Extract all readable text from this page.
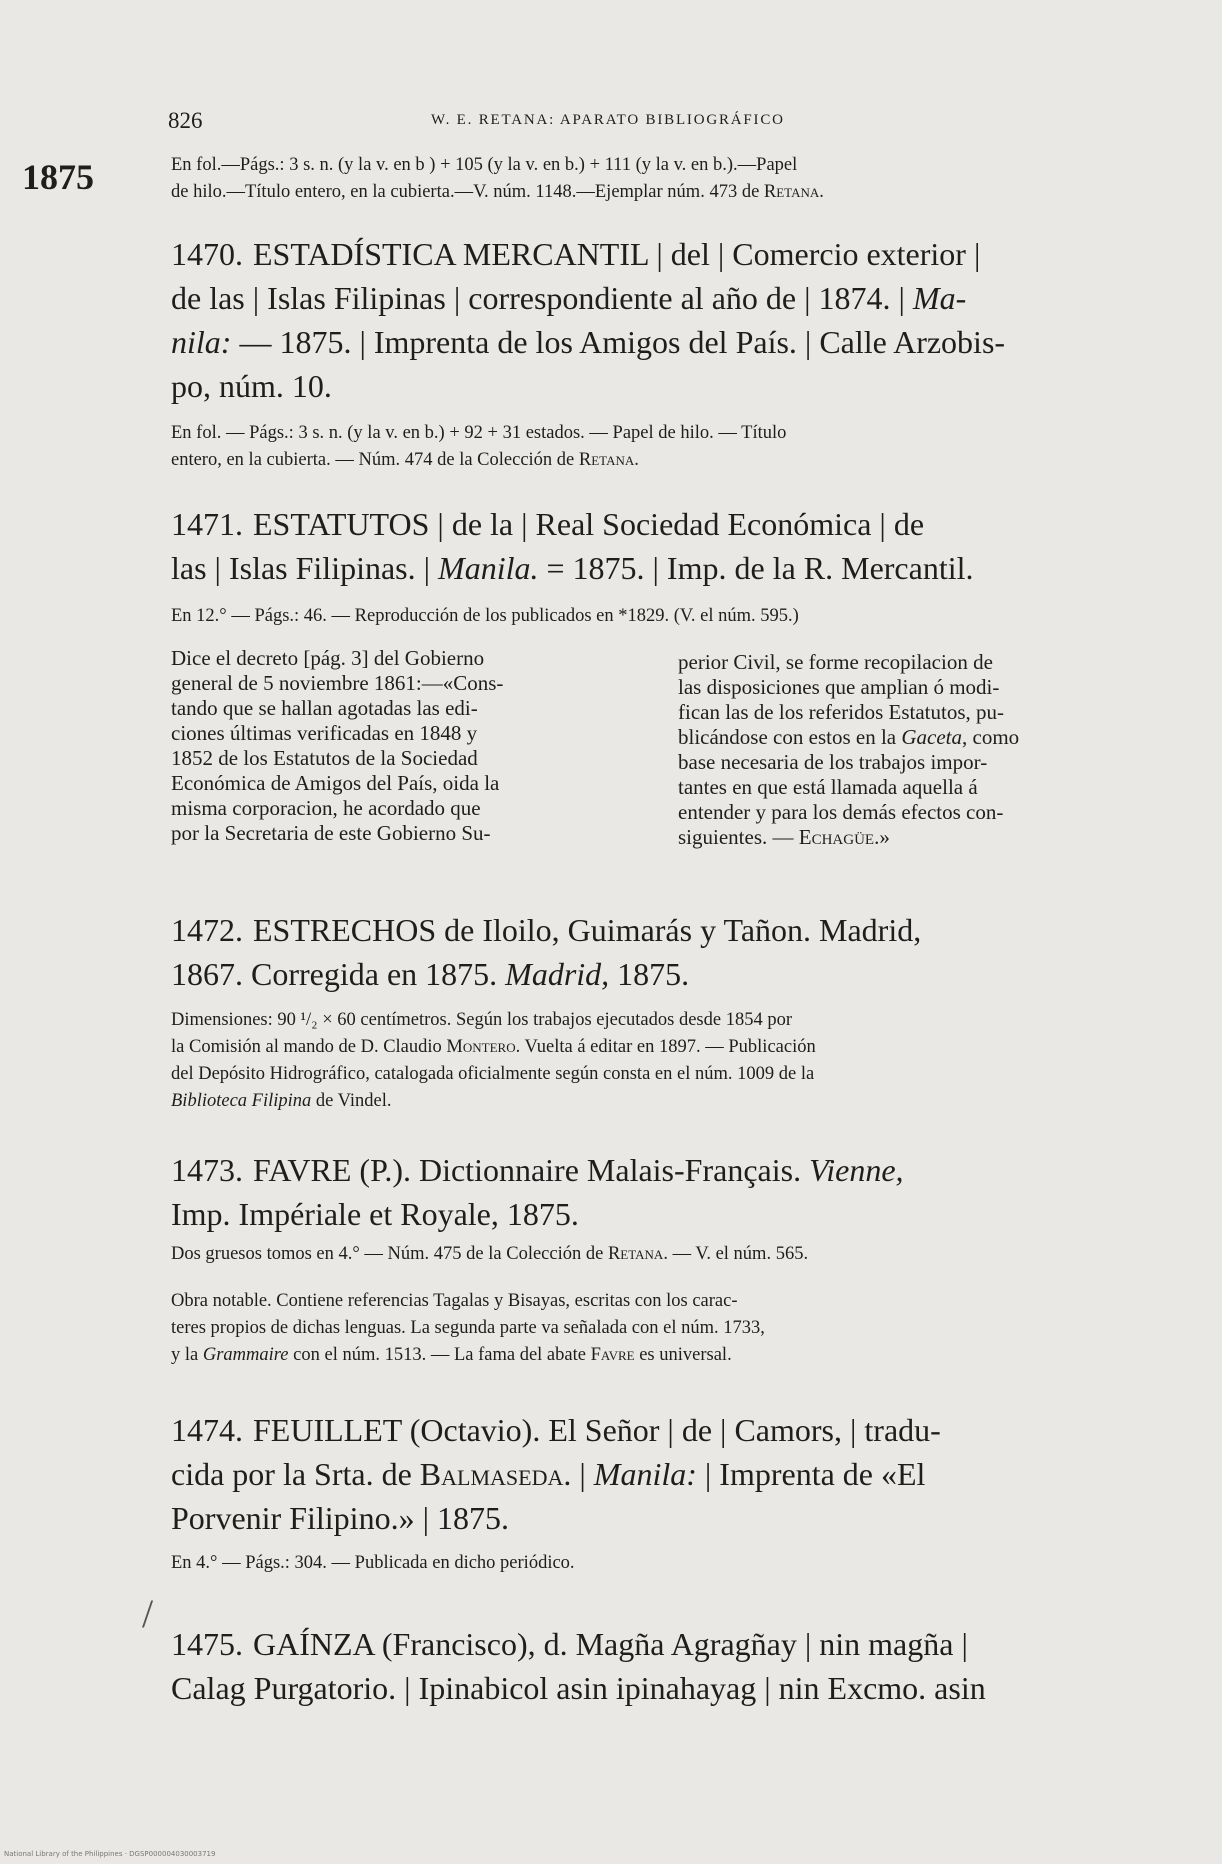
826	W. E. RETANA: APARATO BIBLIOGRÁFICO
1875	En fol.—Págs.: 3 s. n. (y la v. en b ) + 105 (y la v. en b.) + 111 (y la v. en b.).—Papel
de hilo.—Título entero, en la cubierta.—V. núm. 1148.—Ejemplar núm. 473 de Retana.
1470. ESTADÍSTICA MERCANTIL | del | Comercio exterior |
de las | Islas Filipinas | correspondiente al año de | 1874. | Ma-
nila: — 1875. | Imprenta de los Amigos del País. | Calle Arzobis-
po, núm. 10.
En fol. — Págs.: 3 s. n. (y la v. en b.) + 92 + 31 estados. — Papel de hilo. — Título
entero, en la cubierta. — Núm. 474 de la Colección de Retana.
1471. ESTATUTOS | de la | Real Sociedad Económica | de
las | Islas Filipinas. | Manila. = 1875. | Imp. de la R. Mercantil.
En 12.° — Págs.: 46. — Reproducción de los publicados en *1829. (V. el núm. 595.)
Dice el decreto [pág. 3] del Gobierno
general de 5 noviembre 1861:—«Cons-
tando que se hallan agotadas las edi-
ciones últimas verificadas en 1848 y
1852 de los Estatutos de la Sociedad
Económica de Amigos del País, oida la
misma corporacion, he acordado que
por la Secretaria de este Gobierno Su-
perior Civil, se forme recopilacion de
las disposiciones que amplian ó modi-
fican las de los referidos Estatutos, pu-
blicándose con estos en la Gaceta, como
base necesaria de los trabajos impor-
tantes en que está llamada aquella á
entender y para los demás efectos con-
siguientes. — Echagüe.»
1472. ESTRECHOS de Iloilo, Guimarás y Tañon. Madrid,
1867. Corregida en 1875. Madrid, 1875.
Dimensiones: 90 ¹/₂ × 60 centímetros. Según los trabajos ejecutados desde 1854 por
la Comisión al mando de D. Claudio Montero. Vuelta á editar en 1897. — Publicación
del Depósito Hidrográfico, catalogada oficialmente según consta en el núm. 1009 de la
Biblioteca Filipina de Vindel.
1473. FAVRE (P.). Dictionnaire Malais-Français. Vienne,
Imp. Impériale et Royale, 1875.
Dos gruesos tomos en 4.° — Núm. 475 de la Colección de Retana. — V. el núm. 565.
Obra notable. Contiene referencias Tagalas y Bisayas, escritas con los carac-
teres propios de dichas lenguas. La segunda parte va señalada con el núm. 1733,
y la Grammaire con el núm. 1513. — La fama del abate Favre es universal.
1474. FEUILLET (Octavio). El Señor | de | Camors, | tradu-
cida por la Srta. de Balmaseda. | Manila: | Imprenta de «El
Porvenir Filipino.» | 1875.
En 4.° — Págs.: 304. — Publicada en dicho periódico.
/
1475. GAÍNZA (Francisco), d. Magña Agragñay | nin magña |
Calag Purgatorio. | Ipinabicol asin ipinahayag | nin Excmo. asin
National Library of the Philippines · DGSP000004030003719
